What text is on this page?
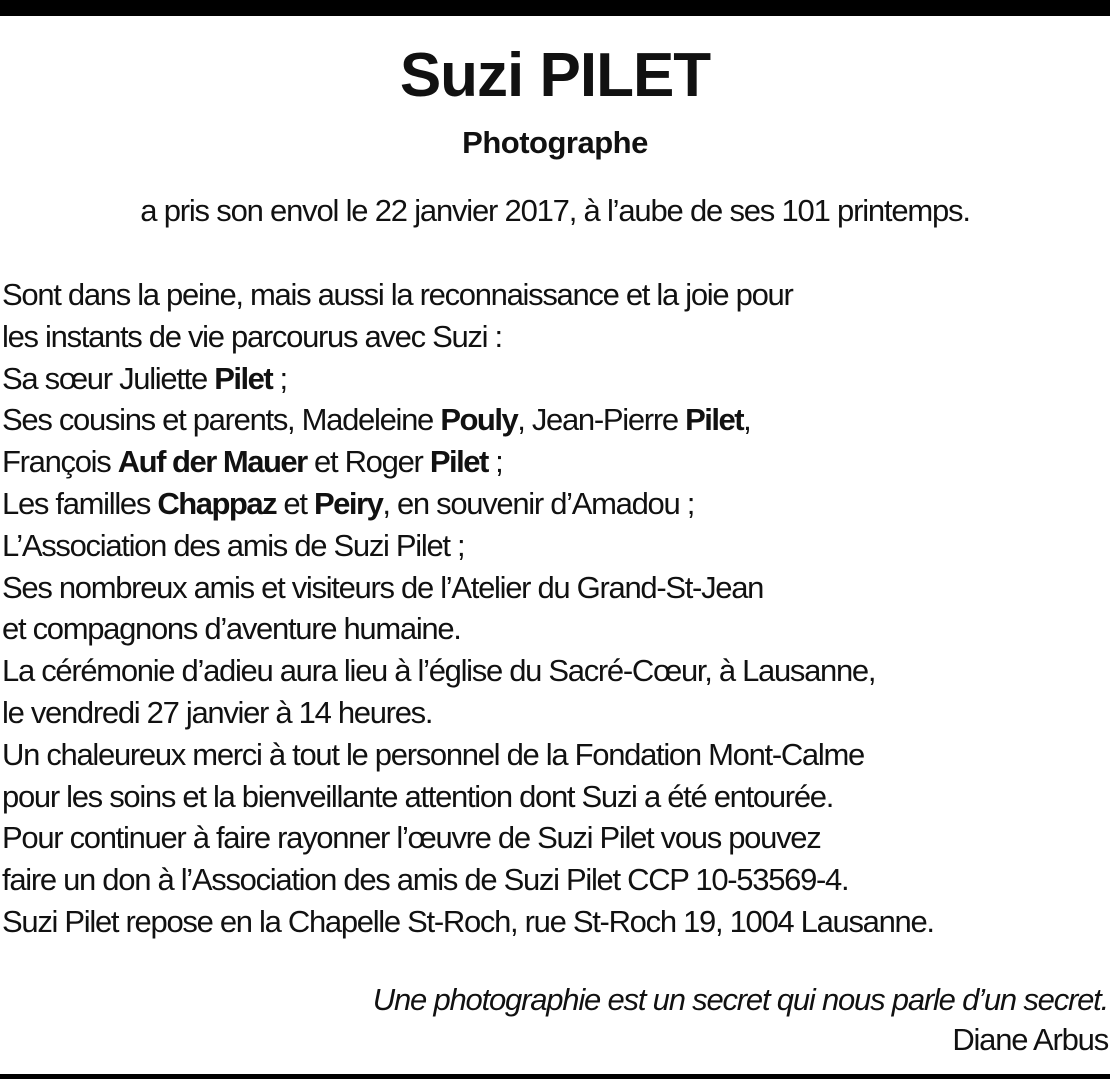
Suzi PILET
Photographe
a pris son envol le 22 janvier 2017, à l’aube de ses 101 printemps.
Sont dans la peine, mais aussi la reconnaissance et la joie pour
les instants de vie parcourus avec Suzi :
Sa sœur Juliette Pilet ;
Ses cousins et parents, Madeleine Pouly, Jean-Pierre Pilet,
François Auf der Mauer et Roger Pilet ;
Les familles Chappaz et Peiry, en souvenir d’Amadou ;
L’Association des amis de Suzi Pilet ;
Ses nombreux amis et visiteurs de l’Atelier du Grand-St-Jean
et compagnons d’aventure humaine.
La cérémonie d’adieu aura lieu à l’église du Sacré-Cœur, à Lausanne,
le vendredi 27 janvier à 14 heures.
Un chaleureux merci à tout le personnel de la Fondation Mont-Calme
pour les soins et la bienveillante attention dont Suzi a été entourée.
Pour continuer à faire rayonner l’œuvre de Suzi Pilet vous pouvez
faire un don à l’Association des amis de Suzi Pilet CCP 10-53569-4.
Suzi Pilet repose en la Chapelle St-Roch, rue St-Roch 19, 1004 Lausanne.
Une photographie est un secret qui nous parle d’un secret.
Diane Arbus
